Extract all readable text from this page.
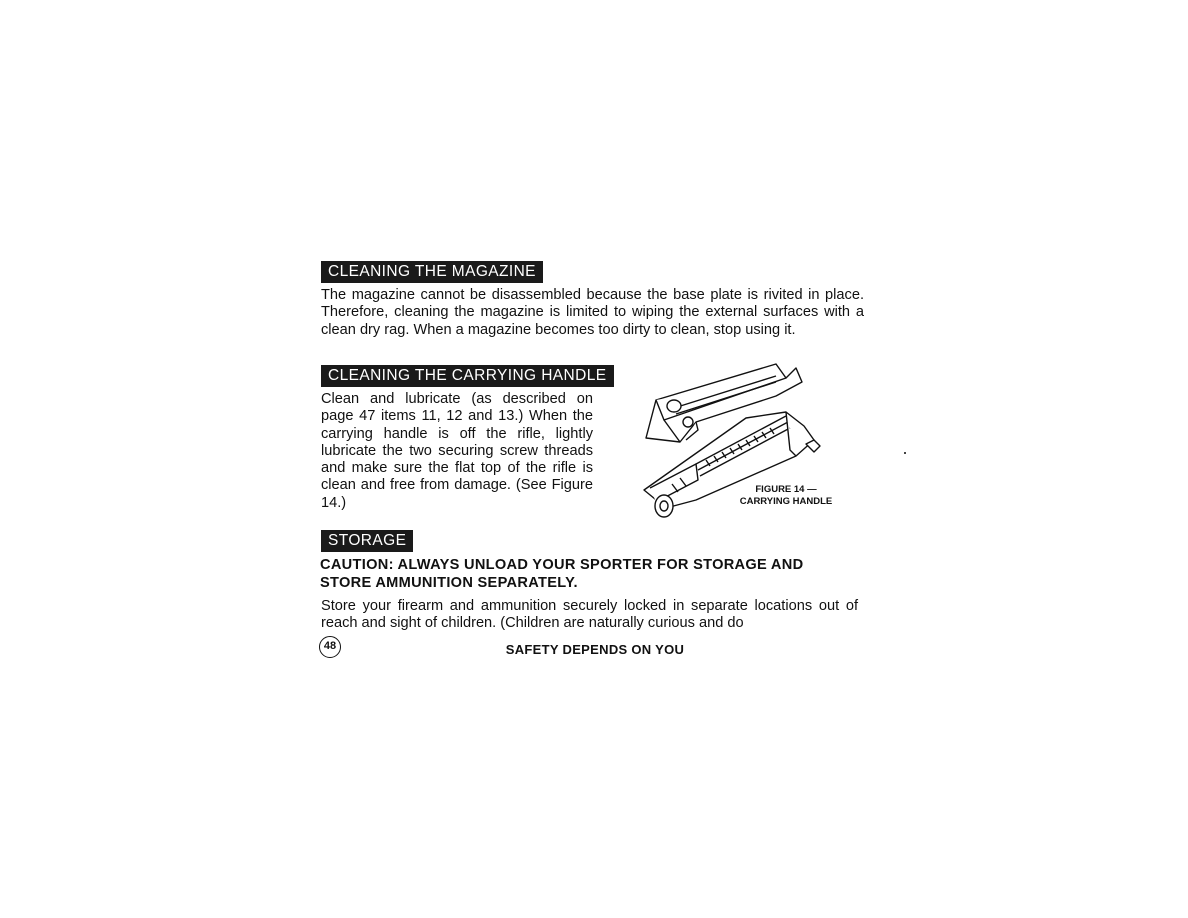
CLEANING THE MAGAZINE
The magazine cannot be disassembled because the base plate is rivited in place. Therefore, cleaning the magazine is limited to wiping the external surfaces with a clean dry rag. When a magazine becomes too dirty to clean, stop using it.
CLEANING THE CARRYING HANDLE
Clean and lubricate (as described on page 47 items 11, 12 and 13.) When the carrying handle is off the rifle, lightly lubricate the two securing screw threads and make sure the flat top of the rifle is clean and free from damage. (See Figure 14.)
FIGURE 14 —
CARRYING HANDLE
STORAGE
CAUTION: ALWAYS UNLOAD YOUR SPORTER FOR STORAGE AND
STORE AMMUNITION SEPARATELY.
Store your firearm and ammunition securely locked in separate locations out of reach and sight of children. (Children are naturally curious and do
48	SAFETY DEPENDS ON YOU
